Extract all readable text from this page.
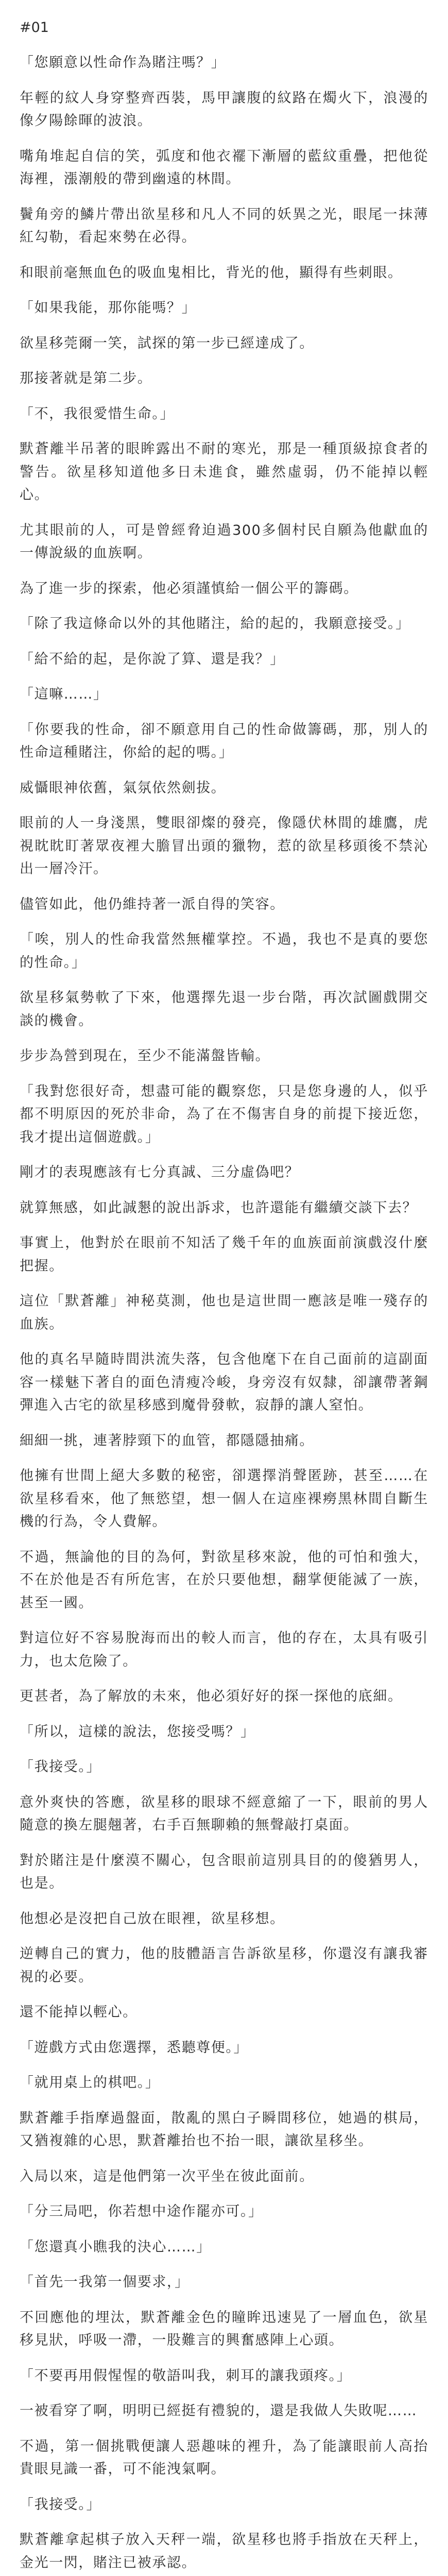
#01
「您願意以性命作為賭注嗎？」
年輕的紋人身穿整齊西裝，馬甲讓腹的紋路在燭火下，浪漫的像夕陽餘暉的波浪。
嘴角堆起自信的笑，弧度和他衣襬下漸層的藍紋重疊，把他從海裡，漲潮般的帶到幽遠的林間。
鬢角旁的鱗片帶出欲星移和凡人不同的妖異之光，眼尾一抹薄紅勾勒，看起來勢在必得。
和眼前毫無血色的吸血鬼相比，背光的他，顯得有些刺眼。
「如果我能，那你能嗎？」
欲星移莞爾一笑，試探的第一步已經達成了。
那接著就是第二步。
「不，我很愛惜生命。」
默蒼離半吊著的眼眸露出不耐的寒光，那是一種頂級掠食者的警告。欲星移知道他多日未進食，雖然虛弱，仍不能掉以輕心。
尤其眼前的人，可是曾經脅迫過300多個村民自願為他獻血的一傳說級的血族啊。
為了進一步的探索，他必須謹慎給一個公平的籌碼。
「除了我這條命以外的其他賭注，給的起的，我願意接受。」
「給不給的起，是你說了算、還是我？」
「這嘛……」
「你要我的性命，卻不願意用自己的性命做籌碼，那，別人的性命這種賭注，你給的起的嗎。」
威懾眼神依舊，氣氛依然劍拔。
眼前的人一身淺黑，雙眼卻燦的發亮，像隱伏林間的雄鷹，虎視眈眈盯著眾夜裡大膽冒出頭的獵物，惹的欲星移頭後不禁沁出一層冷汗。
儘管如此，他仍維持著一派自得的笑容。
「唉，別人的性命我當然無權掌控。不過，我也不是真的要您的性命。」
欲星移氣勢軟了下來，他選擇先退一步台階，再次試圖戲開交談的機會。
步步為營到現在，至少不能滿盤皆輸。
「我對您很好奇，想盡可能的觀察您，只是您身邊的人，似乎都不明原因的死於非命，為了在不傷害自身的前提下接近您，我才提出這個遊戲。」
剛才的表現應該有七分真誠、三分虛偽吧？
就算無感，如此誠懇的說出訴求，也許還能有繼續交談下去？
事實上，他對於在眼前不知活了幾千年的血族面前演戲沒什麼把握。
這位「默蒼離」神秘莫測，他也是這世間一應該是唯一殘存的血族。
他的真名早隨時間洪流失落，包含他麾下在自己面前的這副面容一樣魅下著自的面色清瘦冷峻，身旁沒有奴隸，卻讓帶著鋼彈進入古宅的欲星移感到魔骨發軟，寂靜的讓人窒怕。
細細一挑，連著脖頸下的血管，都隱隱抽痛。
他擁有世間上絕大多數的秘密，卻選擇消聲匿跡，甚至……在欲星移看來，他了無慾望，想一個人在這座裸癆黑林間自斷生機的行為，令人費解。
不過，無論他的目的為何，對欲星移來說，他的可怕和強大，不在於他是否有所危害，在於只要他想，翻掌便能滅了一族，甚至一國。
對這位好不容易脫海而出的較人而言，他的存在，太具有吸引力，也太危險了。
更甚者，為了解放的未來，他必須好好的探一探他的底細。
「所以，這樣的說法，您接受嗎？」
「我接受。」
意外爽快的答應，欲星移的眼球不經意縮了一下，眼前的男人隨意的換左腿翹著，右手百無聊賴的無聲敲打桌面。
對於賭注是什麼漠不關心，包含眼前這別具目的的傻猶男人，也是。
他想必是沒把自己放在眼裡，欲星移想。
逆轉自己的實力，他的肢體語言告訴欲星移，你還沒有讓我審視的必要。
還不能掉以輕心。
「遊戲方式由您選擇，悉聽尊便。」
「就用桌上的棋吧。」
默蒼離手指摩過盤面，散亂的黑白子瞬間移位，她過的棋局，又猶複雜的心思，默蒼離抬也不抬一眼，讓欲星移坐。
入局以來，這是他們第一次平坐在彼此面前。
「分三局吧，你若想中途作罷亦可。」
「您還真小瞧我的決心……」
「首先一我第一個要求，」
不回應他的埋汰，默蒼離金色的瞳眸迅速晃了一層血色，欲星移見狀，呼吸一滯，一股難言的興奮感陣上心頭。
「不要再用假惺惺的敬語叫我，刺耳的讓我頭疼。」
一被看穿了啊，明明已經挺有禮貌的，還是我做人失敗呢……
不過，第一個挑戰便讓人惡趣味的裡升，為了能讓眼前人高抬貴眼見識一番，可不能洩氣啊。
「我接受。」
默蒼離拿起棋子放入天秤一端，欲星移也將手指放在天秤上，金光一閃，賭注已被承認。
